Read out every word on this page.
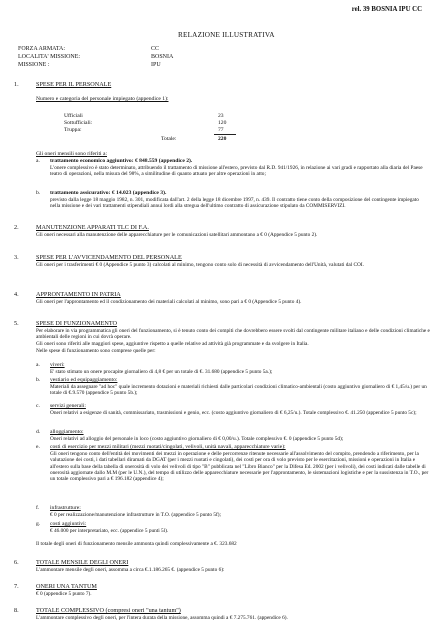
rel. 39 BOSNIA IPU CC
RELAZIONE ILLUSTRATIVA
FORZA ARMATA:	CC
LOCALITA' MISSIONE:	BOSNIA
MISSIONE :	IPU
1.	SPESE PER IL PERSONALE
Numero e categoria del personale impiegato (appendice 1):
Ufficiali	23
Sottufficiali:	120
Truppa:	77
Totale:	220
Gli oneri mensili sono riferiti a:
a. trattamento economico aggiuntivo: € 848.559 (appendice 2).
L'onere complessivo è stato determinato, attribuendo il trattamento di missione all'estero, previsto dal R.D. 941/1926, in relazione ai vari gradi e rapportato alla diaria del Paese teatro di operazioni, nella misura del 98%, a similitudine di quanto attuato per altre operazioni in atto;
b. trattamento assicurativo: € 14.023 (appendice 3).
previsto dalla legge 18 maggio 1982, n. 301, modificata dall'art. 2 della legge 18 dicembre 1997, n. 439. Il contratto tiene conto della composizione del contingente impiegato nella missione e dei vari trattamenti stipendiali annui lordi alla stregua dell'ultimo contratto di assicurazione stipulato da COMMISERVIZI.
2.	MANUTENZIONE APPARATI TLC DI F.A.
Gli oneri necessari alla manutenzione delle apparecchiature per le comunicazioni satellitari ammontano a € 0 (Appendice 5 punto 2).
3.	SPESE PER L'AVVICENDAMENTO DEL PERSONALE
Gli oneri per i trasferimenti € 0 (Appendice 5 punto 3) calcolati al minimo, tengono conto solo di necessità di avvicendamento dell'Unità, valutati dal COI.
4.	APPRONTAMENTO IN PATRIA
Gli oneri per l'approntamento ed il condizionamento dei materiali calcolati al minimo, sono pari a € 0 (Appendice 5 punto 4).
5.	SPESE DI FUNZIONAMENTO
Per elaborare in via programmatica gli oneri del funzionamento, si è tenuto conto dei compiti che dovrebbero essere svolti dal contingente militare italiano e delle condizioni climatiche e ambientali delle regioni in cui dovrà operare.
Gli oneri sono riferiti alle maggiori spese, aggiuntive rispetto a quelle relative ad attività già programmate e da svolgere in Italia.
Nelle spese di funzionamento sono comprese quelle per:
a. viveri:
E' stato stimato un onere procapite giornaliero di 4,8 € per un totale di €. 31.680 (appendice 5 punto 5a.);
b. vestiario ed equipaggiamento:
Materiali da assegnare "ad hoc" quale incremento dotazioni e materiali richiesti dalle particolari condizioni climatico-ambientali (costo aggiuntivo giornaliero di € 1,45/u.) per un totale di €.9.570 (appendice 5 punto 5b.);
c. servizi generali:
Oneri relativi a esigenze di sanità, commissariato, trasmissioni e genio, ecc. (costo aggiuntivo giornaliero di € 6,25/u.). Totale complessivo €. 41.250 (appendice 5 punto 5c);
d. alloggiamento:
Oneri relativi ad alloggio del personale in loco (costo aggiuntivo giornaliero di € 0,00/u.). Totale complessivo €. 0 (appendice 5 punto 5d);
e. costi di esercizio per mezzi militari (mezzi ruotati/cingolati, velivoli, unità navali, apparecchiature varie):
Gli oneri tengono conto dell'entità dei movimenti dei mezzi in operazione e delle percorrenze ritenute necessarie all'assolvimento del compito, prendendo a riferimento, per la valutazione dei costi, i dati tabellari diramati da DGAT (per i mezzi ruotati e cingolati), dei costi per ora di volo previsto per le esercitazioni, missioni e operazioni in Italia e all'estero sulla base della tabella di onerosità di volo dei velivoli di tipo "B" pubblicata nel "Libro Bianco" per la Difesa Ed. 2002 (per i velivoli), dei costi indicati dalle tabelle di onerosità aggiornate dallo M.M (per le U.N.), del tempo di utilizzo delle apparecchiature necessarie per l'approntamento, le sistemazioni logistiche e per la sussistenza in T.O., per un totale complessivo pari a € 196.182 (appendice 4);
f. infrastrutture:
€ 0 per realizzazione/manutenzione infrastrutture in T.O. (appendice 5 punto 5f);
g. costi aggiuntivi:
€ 46.000 per interpretariato, ecc. (appendice 5 punti 5l).
Il totale degli oneri di funzionamento mensile ammonta quindi complessivamente a €. 323.682
6.	TOTALE MENSILE DEGLI ONERI
L'ammontare mensile degli oneri, assomma a circa €.1.186.265 €. (appendice 5 punto 6):
7.	ONERI UNA TANTUM
€ 0 (appendice 5 punto 7).
8.	TOTALE COMPLESSIVO (compresi oneri "una tantum")
L'ammontare complessivo degli oneri, per l'intera durata della missione, assomma quindi a € 7.275.761. (appendice 6).
